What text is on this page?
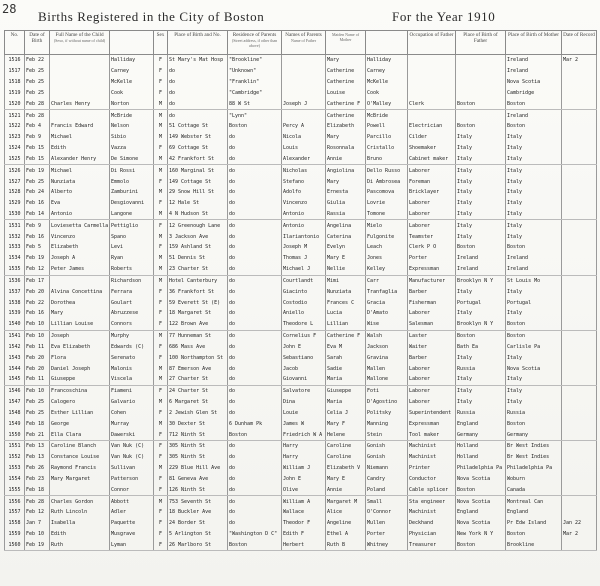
28 Births Registered in the City of Boston	For the Year 1910
No.	Date of Birth	Full Name of the Child
(Sexo, if without name of child)		Sex	Place of Birth and No.	Residence of Parents
(Street address, if other than above)	Names of Parents
Name of Father	Maiden Name of Mother		Occupation of Father	Place of Birth of Father	Place of Birth of Mother	Date of Record

1516	Feb 22		Halliday	F	St Mary's Mat Hosp	"Brookline"		Mary	Halliday			Ireland	Mar 2
1517	Feb 25		Carney	F	do	"Unknown"		Catherine	Carney			Ireland	
1518	Feb 25		McKelle	F	do	"Franklin"		Catherine	McKelle			Nova Scotia	
1519	Feb 25		Cook	F	do	"Cambridge"		Louise	Cook			Cambridge	
1520	Feb 28	Charles Henry	Norton	M	do	88 W St	Joseph J	Catherine F	O'Malley	Clerk	Boston	Boston	
1521	Feb 28		McBride	M	do	"Lynn"		Catherine	McBride			Ireland	
1522	Feb 4	Francis Edward	Nelson	M	51 Cottage St	Boston	Percy A	Elizabeth	Powell	Electrician	Boston	Boston	
1523	Feb 9	Michael	Sibio	M	149 Webster St	do	Nicola	Mary	Parcillo	Cilder	Italy	Italy	
1524	Feb 15	Edith	Vazza	F	69 Cottage St	do	Louis	Rosonnala	Cristallo	Shoemaker	Italy	Italy	
1525	Feb 15	Alexander Henry	De Simone	M	42 Frankfort St	do	Alexander	Annie	Bruno	Cabinet maker	Italy	Italy	
1526	Feb 19	Michael	Di Rossi	M	160 Marginal St	do	Nicholas	Angiolina	Dello Russo	Laborer	Italy	Italy	
1527	Feb 25	Nunziata	Emmolo	F	149 Cottage St	do	Stefano	Mary	Di Ambrosea	Foreman	Italy	Italy	
1528	Feb 24	Alberto	Zamburini	M	29 Snow Hill St	do	Adolfo	Ernesta	Pascomova	Bricklayer	Italy	Italy	
1529	Feb 16	Eva	Desgiovanni	F	12 Hale St	do	Vincenzo	Giulia	Lovrie	Laborer	Italy	Italy	
1530	Feb 14	Antonio	Langone	M	4 N Hudson St	do	Antonio	Rassia	Tomone	Laborer	Italy	Italy	
1531	Feb 9	Loviesetta Carmella	Pettiglio	F	12 Greenough Lane	do	Antonio	Angelina	Mielo	Laborer	Italy	Italy	
1532	Feb 16	Vincenzo	Spano	M	3 Jackson Ave	do	Ilariantonio	Caterina	Fulgonite	Teamster	Italy	Italy	
1533	Feb 5	Elizabeth	Levi	F	159 Ashland St	do	Joseph M	Evelyn	Leach	Clerk P O	Boston	Boston	
1534	Feb 19	Joseph A	Ryan	M	51 Dennis St	do	Thomas J	Mary E	Jones	Porter	Ireland	Ireland	
1535	Feb 12	Peter James	Roberts	M	23 Charter St	do	Michael J	Nellie	Kelley	Expressman	Ireland	Ireland	
1536	Feb 17		Richardson	M	Hotel Canterbury	do	Courtlandt	Mimi	Carr	Manufacturer	Brooklyn N Y	St Louis Mo	
1537	Feb 20	Alvina Concettina	Ferrara	F	36 Frankfort St	do	Giacinto	Nunziata	Tranfaglia	Barber	Italy	Italy	
1538	Feb 22	Dorothea	Goulart	F	59 Everett St (E)	do	Costodio	Frances C	Gracia	Fisherman	Portugal	Portugal	
1539	Feb 16	Mary	Abruzzese	F	18 Margaret St	do	Aniello	Lucia	D'Amato	Laborer	Italy	Italy	
1540	Feb 10	Lillian Louise	Connors	F	122 Brown Ave	do	Theodore L	Lillian	Wise	Salesman	Brooklyn N Y	Boston	
1541	Feb 10	Joseph	Murphy	M	77 Hunneman St	do	Cornelius F	Catherine F	Walsh	Laster	Boston	Boston	
1542	Feb 11	Eva Elizabeth	Edwards (C)	F	686 Mass Ave	do	John E	Eva M	Jackson	Waiter	Bath Ea	Carlisle Pa	
1543	Feb 20	Flora	Serenato	F	100 Northampton St	do	Sebastiano	Sarah	Gravina	Barber	Italy	Italy	
1544	Feb 20	Daniel Joseph	Malonis	M	87 Emerson Ave	do	Jacob	Sadie	Mallen	Laborer	Russia	Nova Scotia	
1545	Feb 11	Giuseppe	Viscela	M	27 Charter St	do	Giovanni	Maria	Mallone	Laborer	Italy	Italy	
1546	Feb 10	Francoschina	Fiameni	F	24 Charter St	do	Salvatore	Giuseppe	Foti	Laborer	Italy	Italy	
1547	Feb 25	Calogero	Galvario	M	6 Margaret St	do	Dina	Maria	D'Agostino	Laborer	Italy	Italy	
1548	Feb 25	Esther Lillian	Cohen	F	2 Jewish Glen St	do	Louie	Celia J	Politsky	Superintendent	Russia	Russia	
1549	Feb 18	George	Murray	M	30 Dexter St	6 Dunham Pk	James W	Mary F	Manning	Expressman	England	Boston	
1550	Feb 21	Ella Clara	Dawerski	F	712 Ninth St	Boston	Friedrich W A	Helene	Stein	Tool maker	Germany	Germany	
1551	Feb 13	Caroline Blanch	Van Nuk (C)	F	305 Ninth St	do	Harry	Caroline	Gonish	Machinist	Holland	Br West Indies	
1552	Feb 13	Constance Louise	Van Nuk (C)	F	305 Ninth St	do	Harry	Caroline	Gonish	Machinist	Holland	Br West Indies	
1553	Feb 26	Raymond Francis	Sullivan	M	229 Blue Hill Ave	do	William J	Elizabeth V	Niemann	Printer	Philadelphia Pa	Philadelphia Pa	
1554	Feb 23	Mary Margaret	Patterson	F	81 Geneva Ave	do	John E	Mary E	Candry	Conductor	Nova Scotia	Woburn	
1555	Feb 18		Connor	F	126 Ninth St	do	Olive	Annie	Poland	Cable splicer	Boston	Canada	
1556	Feb 28	Charles Gordon	Abbott	M	753 Seventh St	do	William A	Margaret M	Small	Sta engineer	Nova Scotia	Montreal Can	
1557	Feb 12	Ruth Lincoln	Adler	F	18 Buckler Ave	do	Wallace	Alice	O'Connor	Machinist	England	England	
1558	Jan 7	Isabella	Paquette	F	24 Border St	do	Theodor F	Angeline	Mullen	Deckhand	Nova Scotia	Pr Edw Island	Jan 22
1559	Feb 10	Edith	Musgrave	F	5 Arlington St	"Washington D C"	Edith F	Ethel A	Porter	Physician	New York N Y	Boston	Mar 2
1560	Feb 19	Ruth	Lyman	F	26 Marlboro St	Boston	Herbert	Ruth B	Whitney	Treasurer	Boston	Brookline	
